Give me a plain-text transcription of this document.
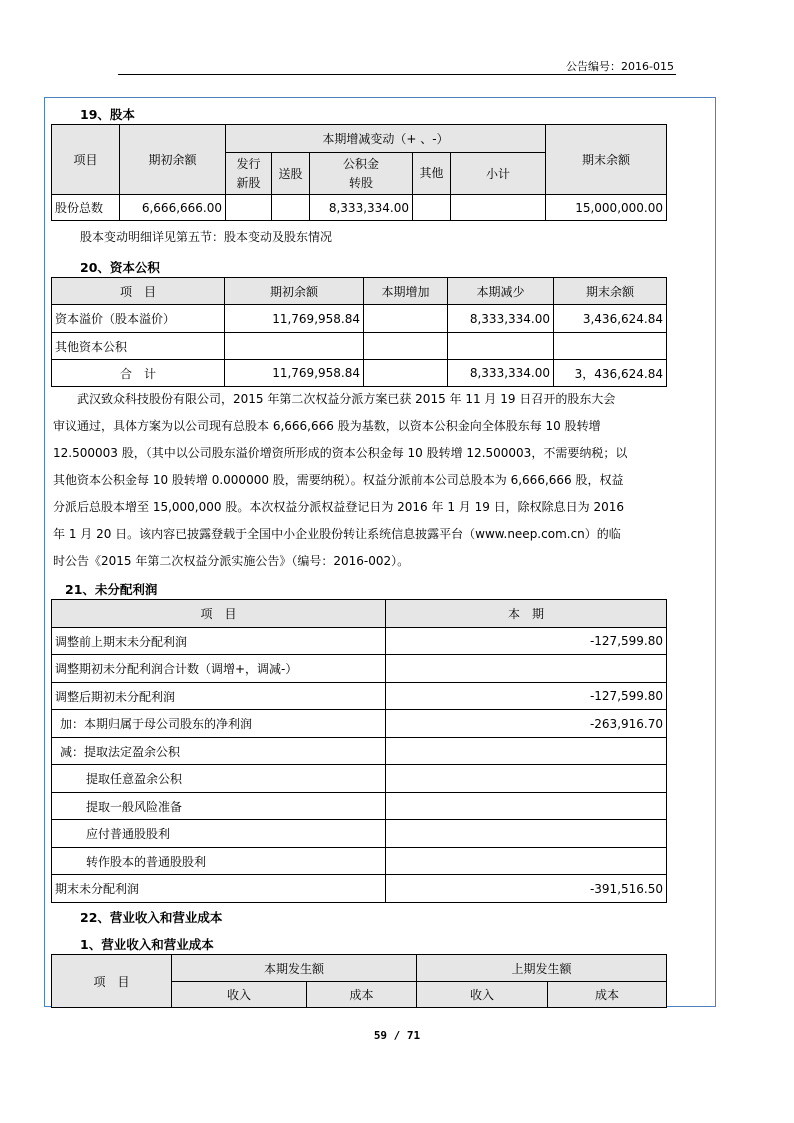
公告编号：2016-015
19、股本
项目	期初余额	本期增减变动（+ 、-）					期末余额
		发行新股	送股	公积金转股	其他	小计	
股份总数	6,666,666.00			8,333,334.00			15,000,000.00
股本变动明细详见第五节：股本变动及股东情况
20、资本公积
项　目	期初余额	本期增加	本期减少	期末余额
资本溢价（股本溢价）	11,769,958.84		8,333,334.00	3,436,624.84
其他资本公积				
合　计	11,769,958.84		8,333,334.00	3，436,624.84
　　武汉致众科技股份有限公司，2015 年第二次权益分派方案已获 2015 年 11 月 19 日召开的股东大会
审议通过，具体方案为以公司现有总股本 6,666,666 股为基数，以资本公积金向全体股东每 10 股转增
12.500003 股，（其中以公司股东溢价增资所形成的资本公积金每 10 股转增 12.500003，不需要纳税；以
其他资本公积金每 10 股转增 0.000000 股，需要纳税）。权益分派前本公司总股本为 6,666,666 股，权益
分派后总股本增至 15,000,000 股。本次权益分派权益登记日为 2016 年 1 月 19 日，除权除息日为 2016
年 1 月 20 日。该内容已披露登载于全国中小企业股份转让系统信息披露平台（www.neep.com.cn）的临
时公告《2015 年第二次权益分派实施公告》（编号：2016-002）。
21、未分配利润
项　目	本　期
调整前上期末未分配利润	-127,599.80
调整期初未分配利润合计数（调增+，调减-）	
调整后期初未分配利润	-127,599.80
加：本期归属于母公司股东的净利润	-263,916.70
减：提取法定盈余公积	
提取任意盈余公积	
提取一般风险准备	
应付普通股股利	
转作股本的普通股股利	
期末未分配利润	-391,516.50
22、营业收入和营业成本
1、营业收入和营业成本
项　目	本期发生额		上期发生额	
	收入	成本	收入	成本
59 / 71
